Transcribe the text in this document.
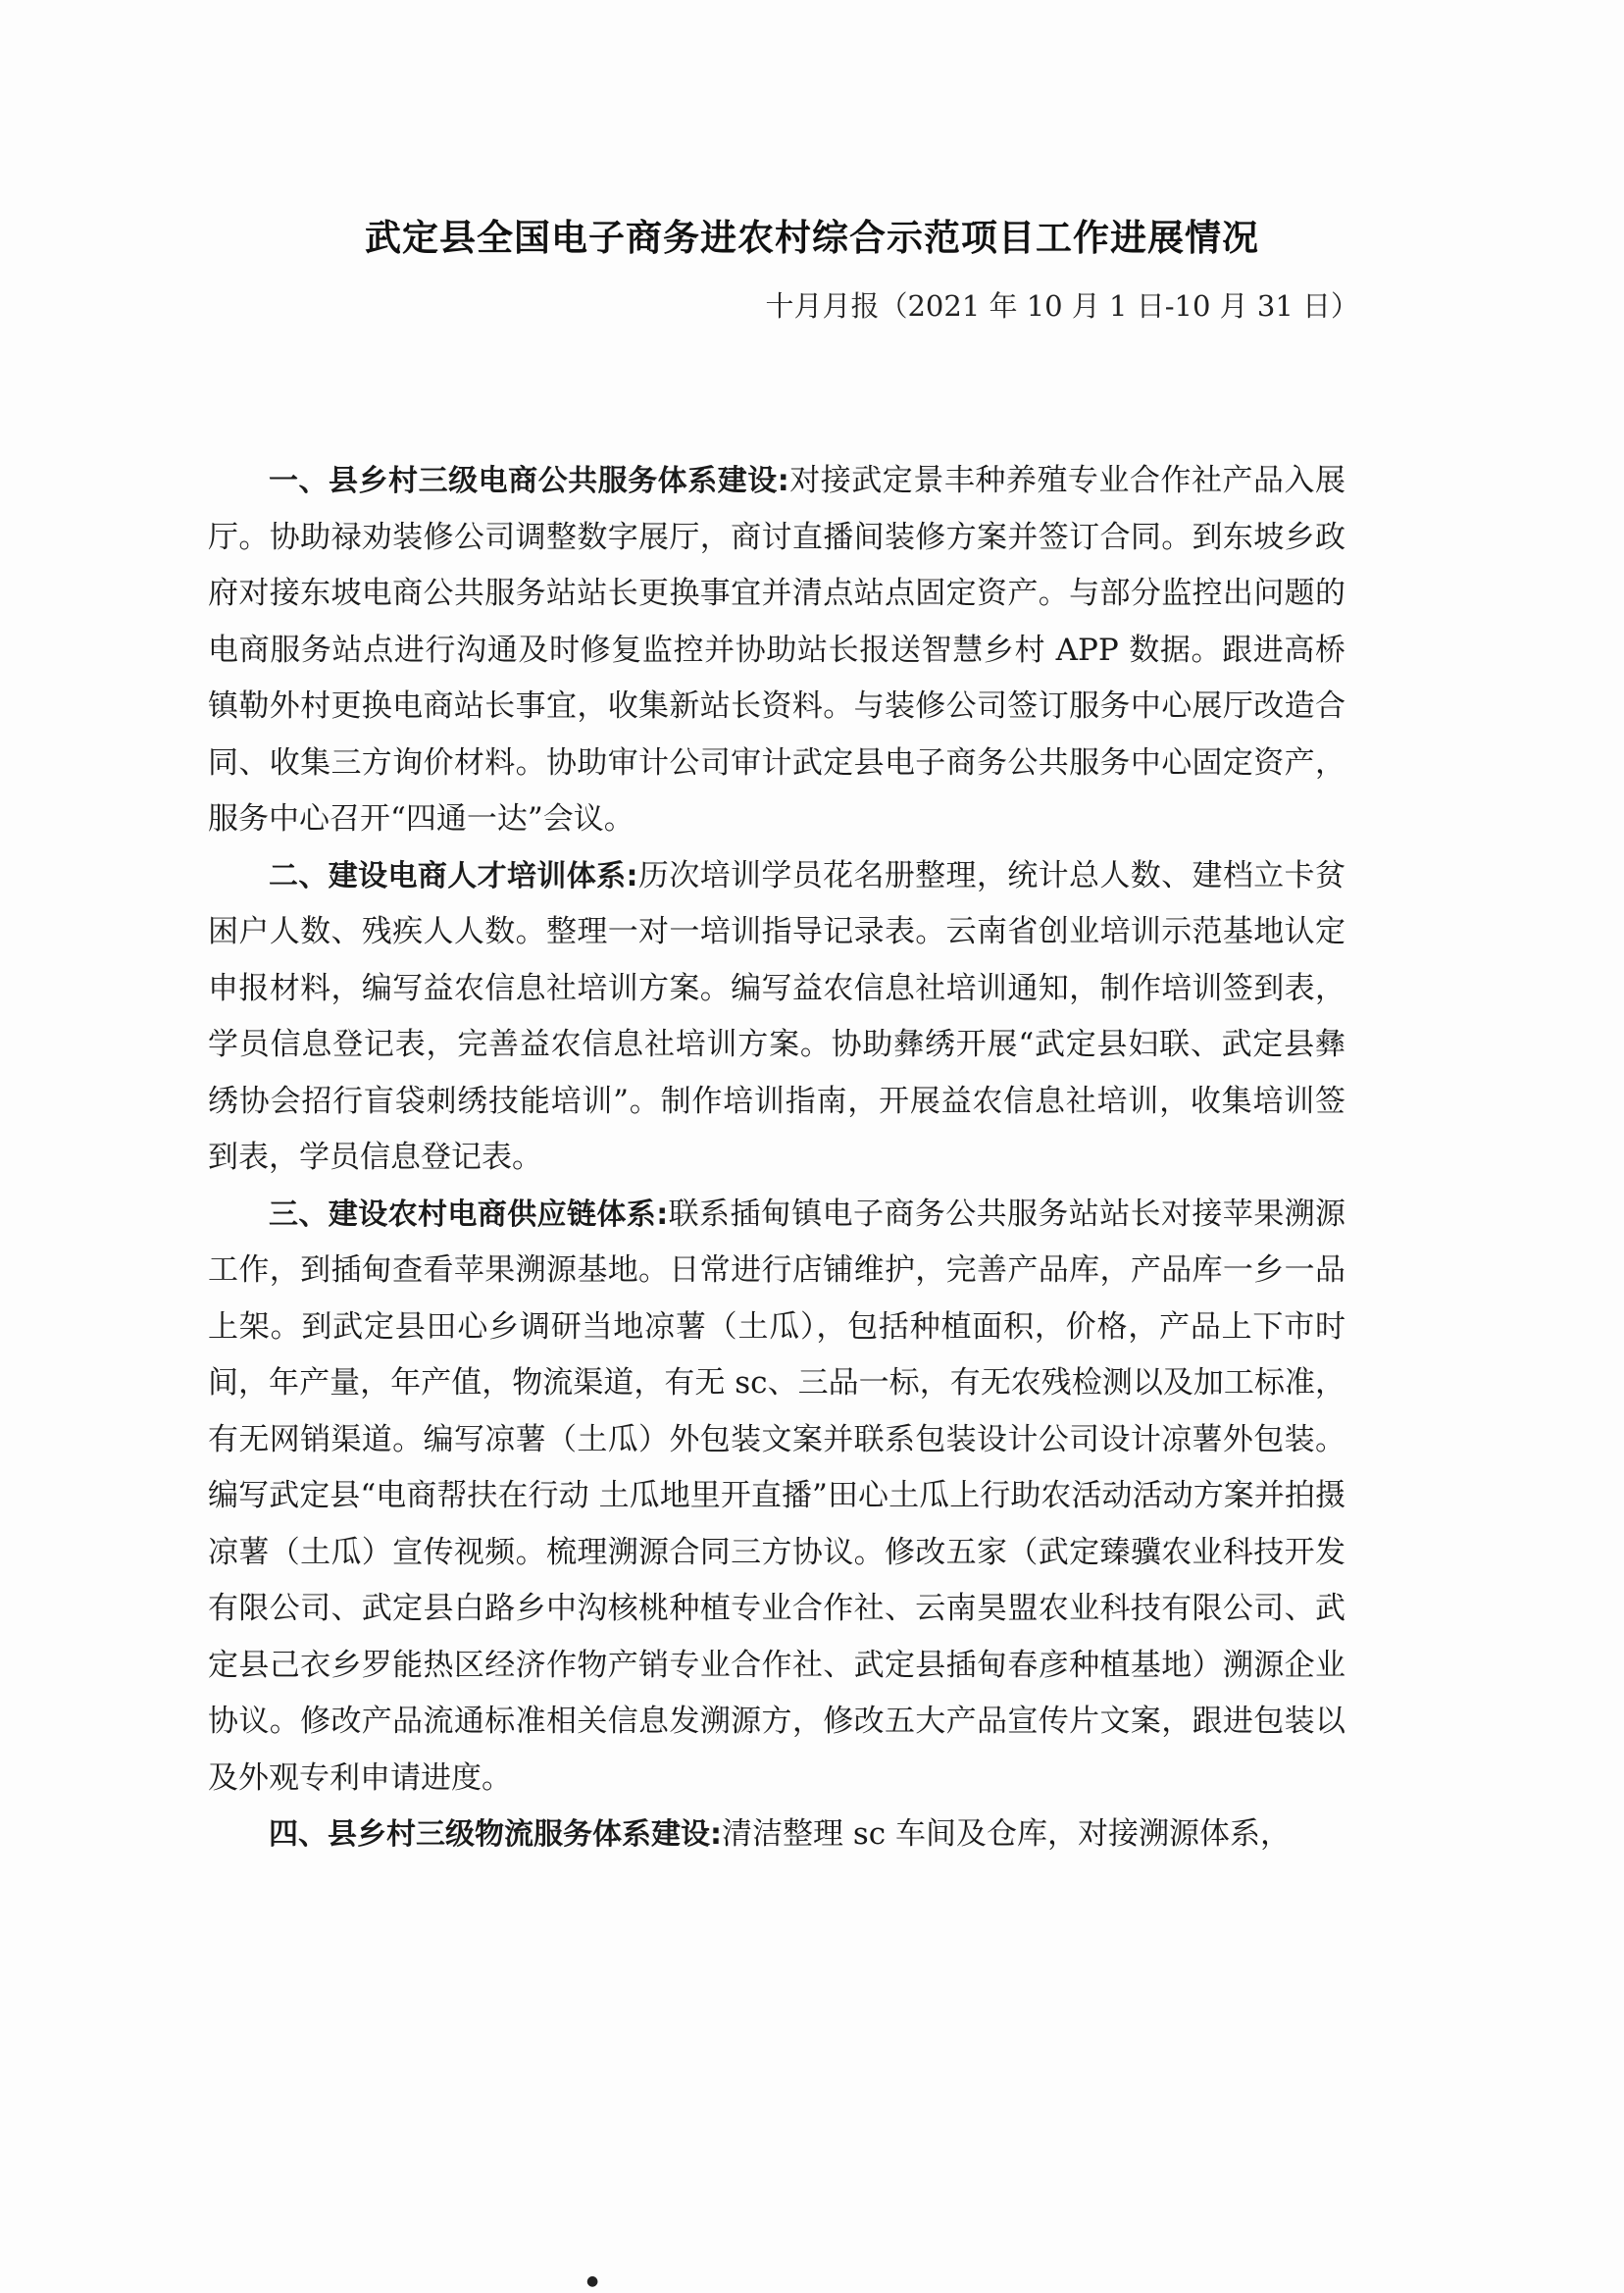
武定县全国电子商务进农村综合示范项目工作进展情况
十月月报（2021 年 10 月 1 日-10 月 31 日）

一、县乡村三级电商公共服务体系建设:对接武定景丰种养殖专业合作社产品入展厅。协助禄劝装修公司调整数字展厅，商讨直播间装修方案并签订合同。到东坡乡政府对接东坡电商公共服务站站长更换事宜并清点站点固定资产。与部分监控出问题的电商服务站点进行沟通及时修复监控并协助站长报送智慧乡村 APP 数据。跟进高桥镇勒外村更换电商站长事宜，收集新站长资料。与装修公司签订服务中心展厅改造合同、收集三方询价材料。协助审计公司审计武定县电子商务公共服务中心固定资产，服务中心召开“四通一达”会议。

二、建设电商人才培训体系:历次培训学员花名册整理，统计总人数、建档立卡贫困户人数、残疾人人数。整理一对一培训指导记录表。云南省创业培训示范基地认定申报材料，编写益农信息社培训方案。编写益农信息社培训通知，制作培训签到表，学员信息登记表，完善益农信息社培训方案。协助彝绣开展“武定县妇联、武定县彝绣协会招行盲袋刺绣技能培训”。制作培训指南，开展益农信息社培训，收集培训签到表，学员信息登记表。

三、建设农村电商供应链体系:联系插甸镇电子商务公共服务站站长对接苹果溯源工作，到插甸查看苹果溯源基地。日常进行店铺维护，完善产品库，产品库一乡一品上架。到武定县田心乡调研当地凉薯（土瓜），包括种植面积，价格，产品上下市时间，年产量，年产值，物流渠道，有无 sc、三品一标，有无农残检测以及加工标准，有无网销渠道。编写凉薯（土瓜）外包装文案并联系包装设计公司设计凉薯外包装。编写武定县“电商帮扶在行动 土瓜地里开直播”田心土瓜上行助农活动活动方案并拍摄凉薯（土瓜）宣传视频。梳理溯源合同三方协议。修改五家（武定臻骥农业科技开发有限公司、武定县白路乡中沟核桃种植专业合作社、云南昊盟农业科技有限公司、武定县己衣乡罗能热区经济作物产销专业合作社、武定县插甸春彦种植基地）溯源企业协议。修改产品流通标准相关信息发溯源方，修改五大产品宣传片文案，跟进包装以及外观专利申请进度。

四、县乡村三级物流服务体系建设:清洁整理 sc 车间及仓库，对接溯源体系，

●
